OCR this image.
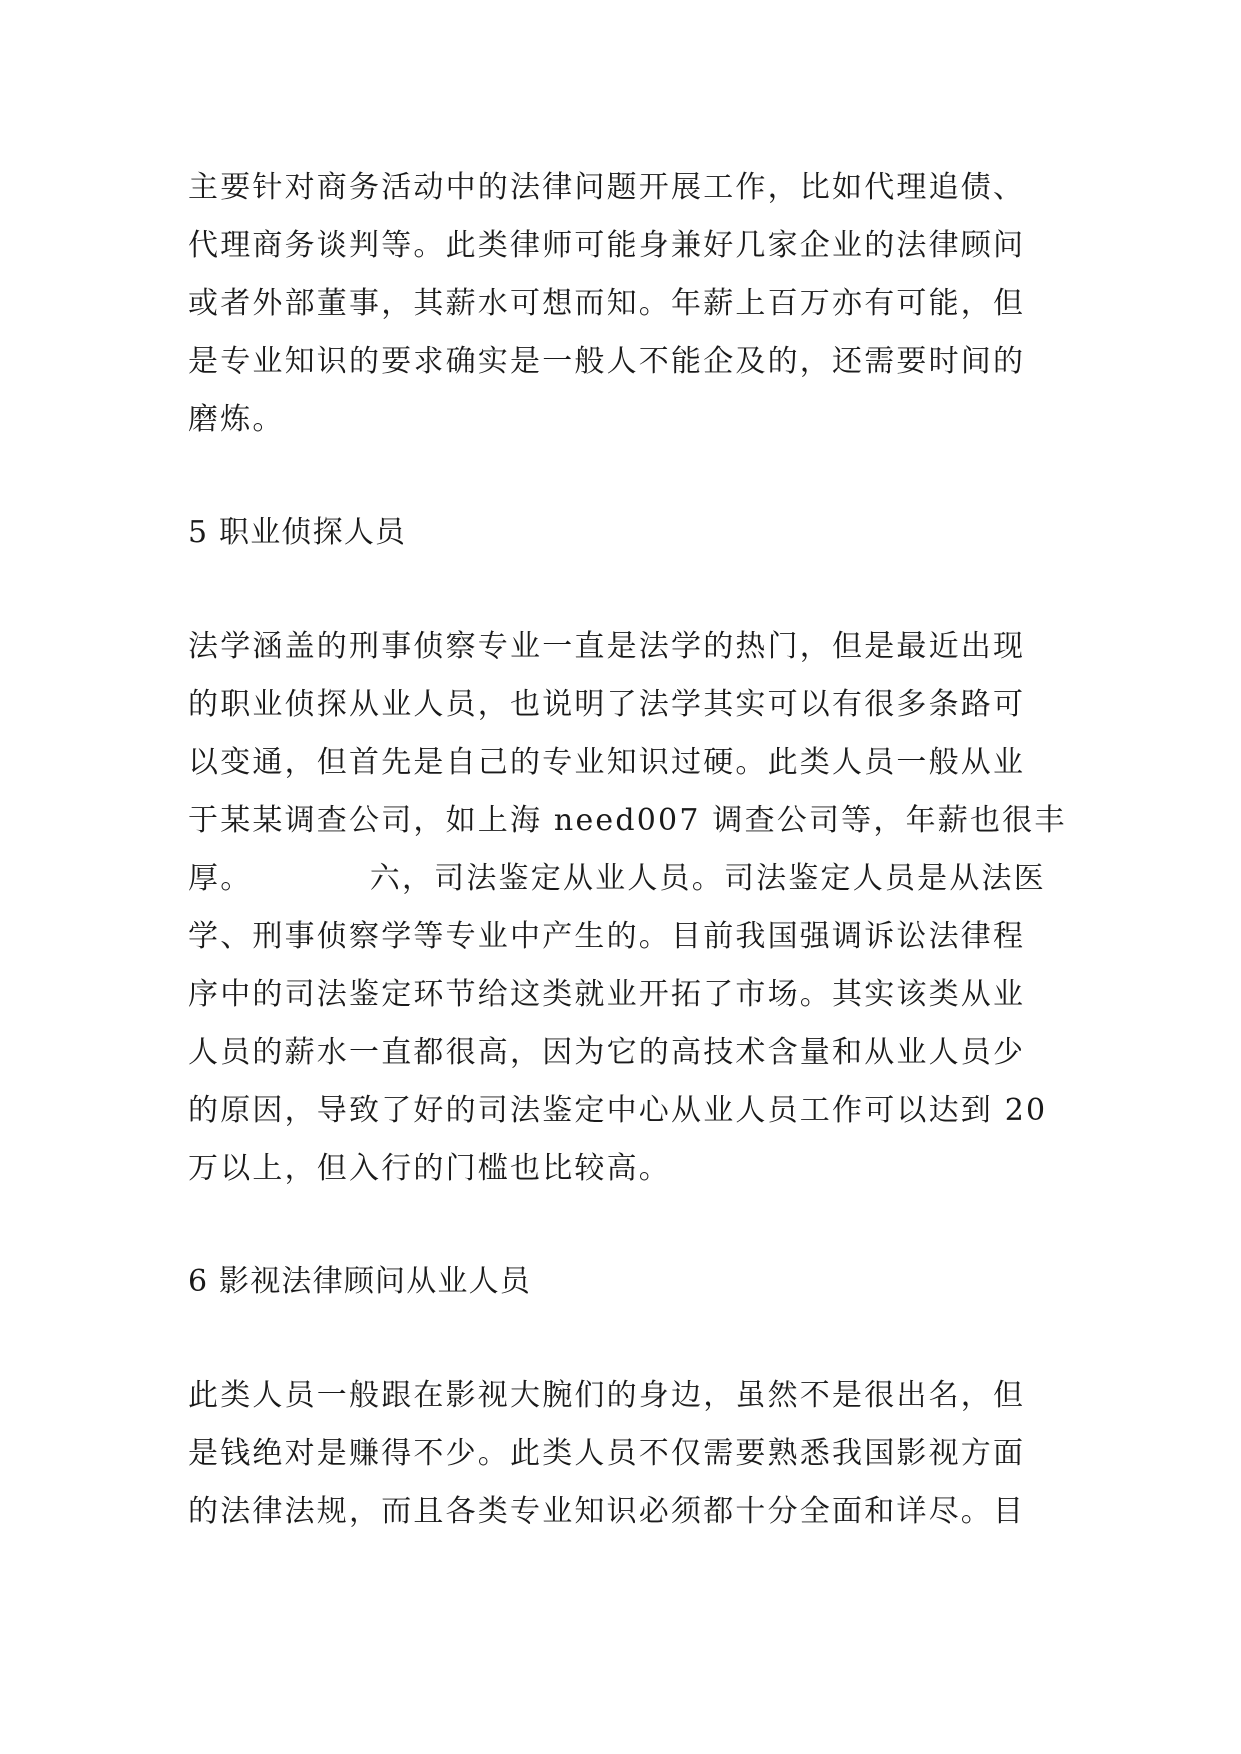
主要针对商务活动中的法律问题开展工作，比如代理追债、
代理商务谈判等。此类律师可能身兼好几家企业的法律顾问
或者外部董事，其薪水可想而知。年薪上百万亦有可能，但
是专业知识的要求确实是一般人不能企及的，还需要时间的
磨炼。
5 职业侦探人员
法学涵盖的刑事侦察专业一直是法学的热门，但是最近出现
的职业侦探从业人员，也说明了法学其实可以有很多条路可
以变通，但首先是自己的专业知识过硬。此类人员一般从业
于某某调查公司，如上海 need007 调查公司等，年薪也很丰
厚。          六，司法鉴定从业人员。司法鉴定人员是从法医
学、刑事侦察学等专业中产生的。目前我国强调诉讼法律程
序中的司法鉴定环节给这类就业开拓了市场。其实该类从业
人员的薪水一直都很高，因为它的高技术含量和从业人员少
的原因，导致了好的司法鉴定中心从业人员工作可以达到 20
万以上，但入行的门槛也比较高。
6 影视法律顾问从业人员
此类人员一般跟在影视大腕们的身边，虽然不是很出名，但
是钱绝对是赚得不少。此类人员不仅需要熟悉我国影视方面
的法律法规，而且各类专业知识必须都十分全面和详尽。目
